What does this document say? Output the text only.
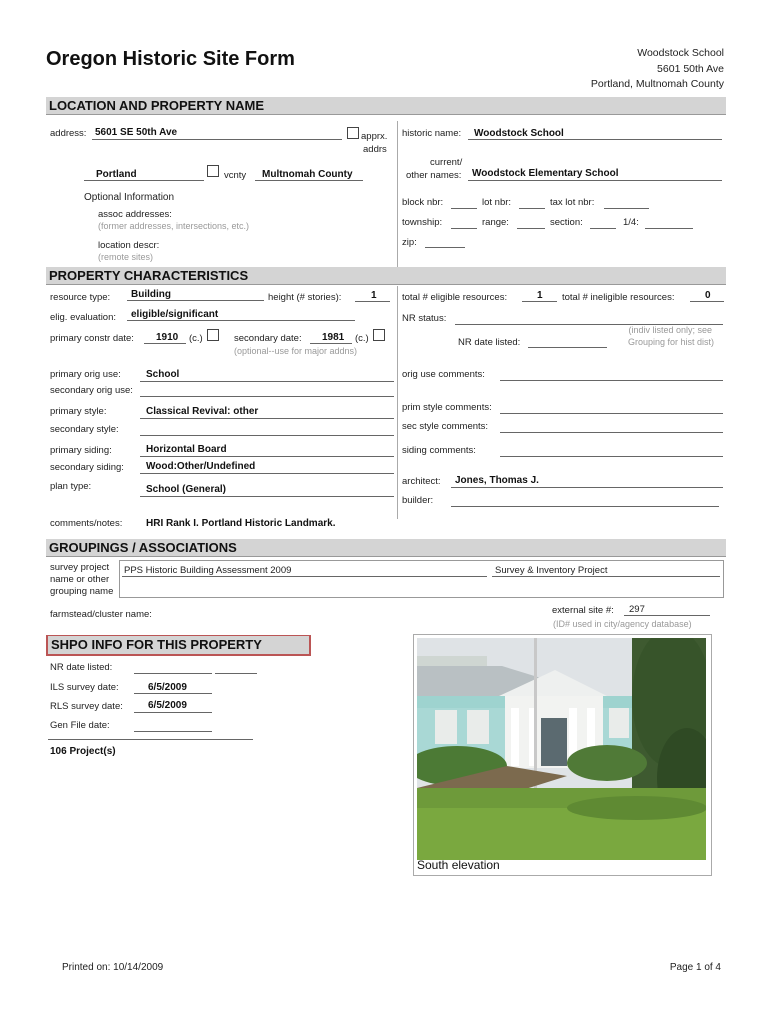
Oregon Historic Site Form	Woodstock School
5601 50th Ave
Portland, Multnomah County
LOCATION AND PROPERTY NAME
address: 5601 SE 50th Ave	apprx.
addrs
Portland	vcnty Multnomah County
Optional Information
assoc addresses:
(former addresses, intersections, etc.)
location descr:
(remote sites)
historic name: Woodstock School
current/
other names: Woodstock Elementary School
block nbr:	lot nbr:	tax lot nbr:
township:	range:	section:	1/4:
zip:
PROPERTY CHARACTERISTICS
resource type: Building	height (# stories):	1	total # eligible resources:	1 total # ineligible resources:	0
elig. evaluation: eligible/significant	NR status:
primary constr date: 1910 (c.)	secondary date: 1981 (c.)
(optional--use for major addns)
NR date listed:
(indiv listed only; see
Grouping for hist dist)
primary orig use:	School
secondary orig use:
orig use comments:
primary style:	Classical Revival: other
secondary style:
prim style comments:
sec style comments:
primary siding:	Horizontal Board
secondary siding: Wood:Other/Undefined
siding comments:
plan type:	School (General)
architect: Jones, Thomas J.
builder:
comments/notes: HRI Rank I. Portland Historic Landmark.
GROUPINGS / ASSOCIATIONS
survey project
name or other
grouping name
PPS Historic Building Assessment 2009	Survey & Inventory Project
farmstead/cluster name:	external site #: 297
(ID# used in city/agency database)
SHPO INFO FOR THIS PROPERTY
NR date listed:
ILS survey date:	6/5/2009
RLS survey date:	6/5/2009
Gen File date:
106 Project(s)
South elevation
Printed on: 10/14/2009	Page 1 of 4
